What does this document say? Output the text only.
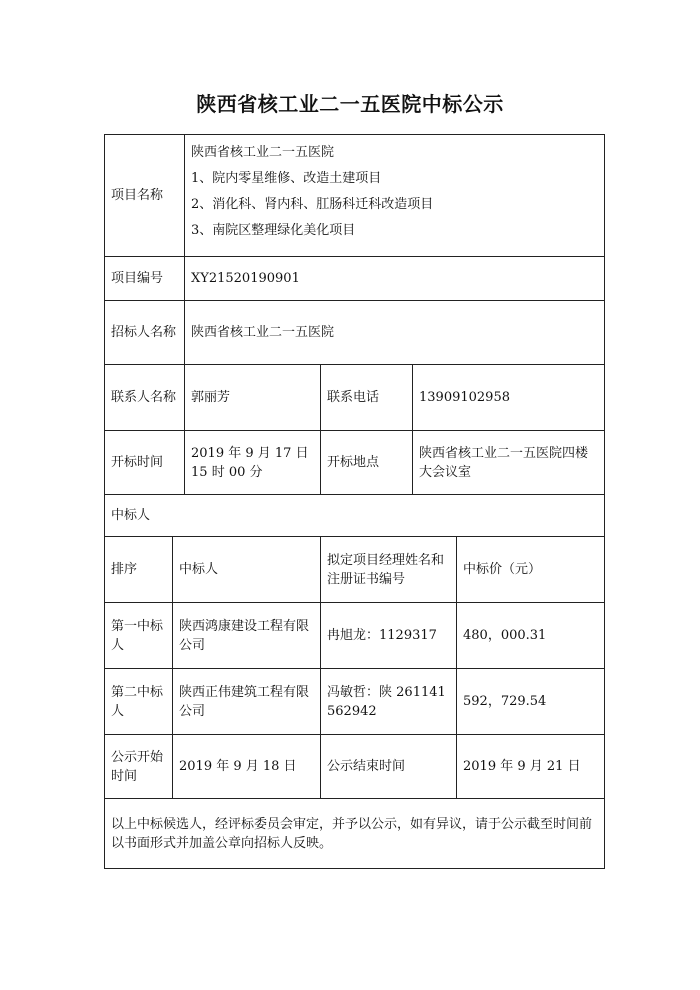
陕西省核工业二一五医院中标公示
项目名称		陕西省核工业二一五医院
1、院内零星维修、改造土建项目
2、消化科、肾内科、肛肠科迁科改造项目
3、南院区整理绿化美化项目			

项目编号		XY21520190901			
招标人名称		陕西省核工业二一五医院			
联系人名称		郭丽芳	联系电话	13909102958	
开标时间		2019 年 9 月 17 日 15 时 00 分	开标地点	陕西省核工业二一五医院四楼大会议室	
中标人					
排序	中标人		拟定项目经理姓名和注册证书编号		中标价（元）
第一中标人	陕西鸿康建设工程有限公司		冉旭龙：1129317		480，000.31
第二中标人	陕西正伟建筑工程有限公司		冯敏哲：陕 261141562942		592，729.54
公示开始时间	2019 年 9 月 18 日		公示结束时间		2019 年 9 月 21 日
以上中标候选人，经评标委员会审定，并予以公示，如有异议，请于公示截至时间前以书面形式并加盖公章向招标人反映。					
